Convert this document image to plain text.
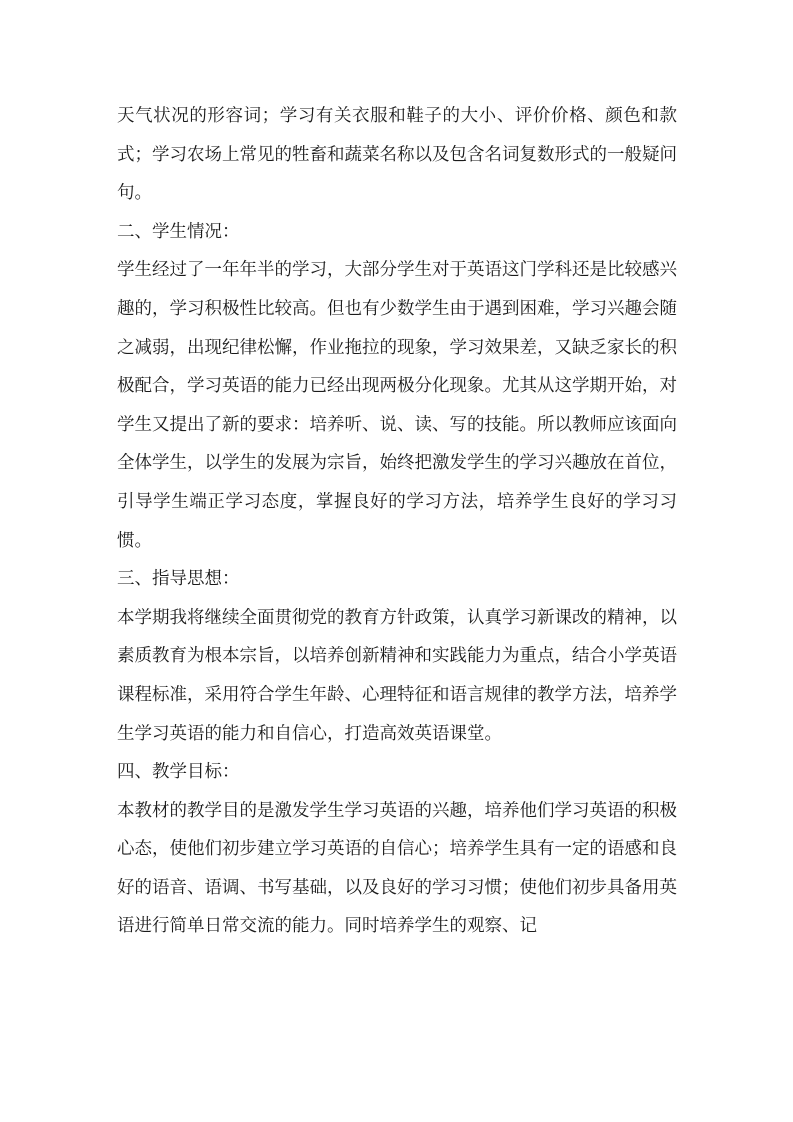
天气状况的形容词；学习有关衣服和鞋子的大小、评价价格、颜色和款式；学习农场上常见的牲畜和蔬菜名称以及包含名词复数形式的一般疑问句。

二、学生情况：

学生经过了一年年半的学习，大部分学生对于英语这门学科还是比较感兴趣的，学习积极性比较高。但也有少数学生由于遇到困难，学习兴趣会随之减弱，出现纪律松懈，作业拖拉的现象，学习效果差，又缺乏家长的积极配合，学习英语的能力已经出现两极分化现象。尤其从这学期开始，对学生又提出了新的要求：培养听、说、读、写的技能。所以教师应该面向全体学生，以学生的发展为宗旨，始终把激发学生的学习兴趣放在首位，引导学生端正学习态度，掌握良好的学习方法，培养学生良好的学习习惯。

三、指导思想：

本学期我将继续全面贯彻党的教育方针政策，认真学习新课改的精神，以素质教育为根本宗旨，以培养创新精神和实践能力为重点，结合小学英语课程标准，采用符合学生年龄、心理特征和语言规律的教学方法，培养学生学习英语的能力和自信心，打造高效英语课堂。

四、教学目标：

本教材的教学目的是激发学生学习英语的兴趣，培养他们学习英语的积极心态，使他们初步建立学习英语的自信心；培养学生具有一定的语感和良好的语音、语调、书写基础，以及良好的学习习惯；使他们初步具备用英语进行简单日常交流的能力。同时培养学生的观察、记
